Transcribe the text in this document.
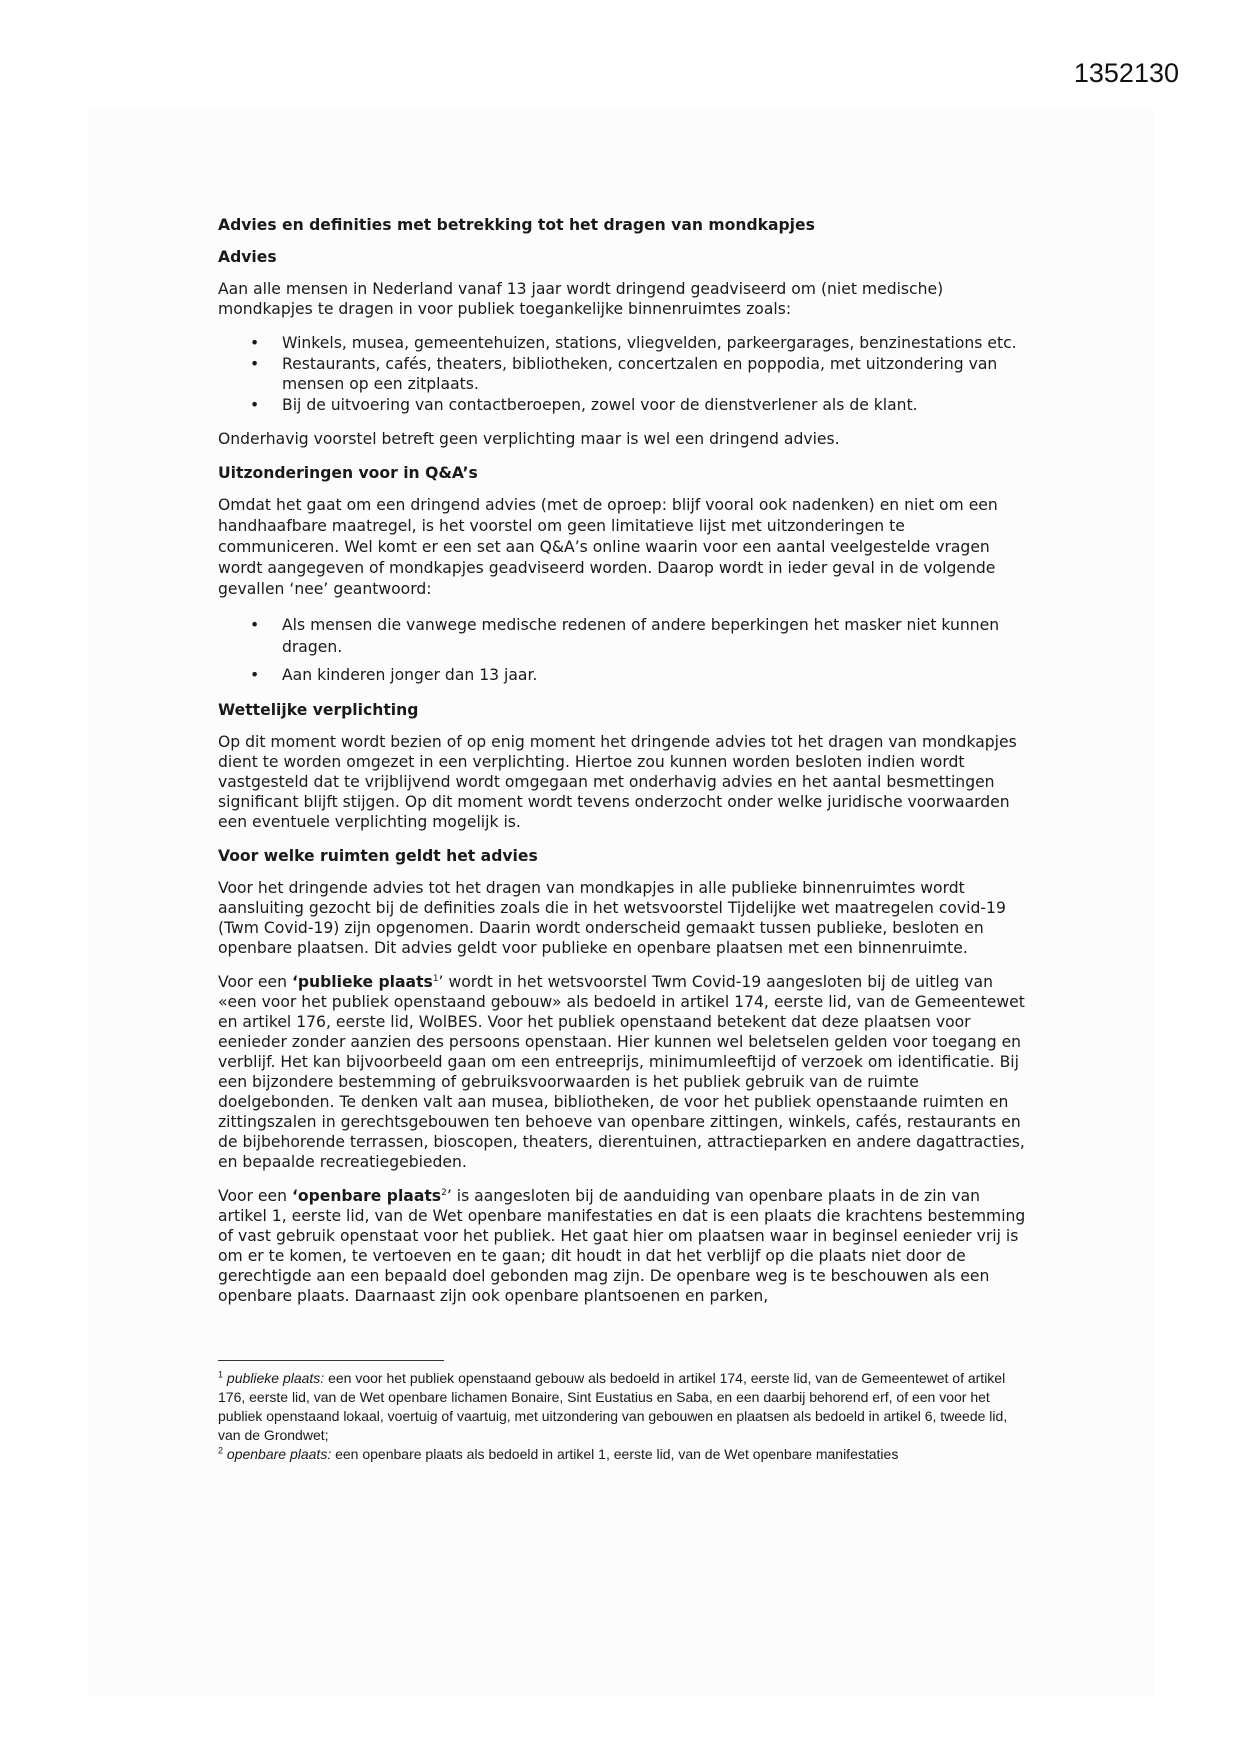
1352130
Advies en definities met betrekking tot het dragen van mondkapjes
Advies

Aan alle mensen in Nederland vanaf 13 jaar wordt dringend geadviseerd om (niet medische) mondkapjes te dragen in voor publiek toegankelijke binnenruimtes zoals:

• Winkels, musea, gemeentehuizen, stations, vliegvelden, parkeergarages, benzinestations etc.
• Restaurants, cafés, theaters, bibliotheken, concertzalen en poppodia, met uitzondering van mensen op een zitplaats.
• Bij de uitvoering van contactberoepen, zowel voor de dienstverlener als de klant.

Onderhavig voorstel betreft geen verplichting maar is wel een dringend advies.

Uitzonderingen voor in Q&A’s

Omdat het gaat om een dringend advies (met de oproep: blijf vooral ook nadenken) en niet om een handhaafbare maatregel, is het voorstel om geen limitatieve lijst met uitzonderingen te communiceren. Wel komt er een set aan Q&A’s online waarin voor een aantal veelgestelde vragen wordt aangegeven of mondkapjes geadviseerd worden. Daarop wordt in ieder geval in de volgende gevallen ‘nee’ geantwoord:

• Als mensen die vanwege medische redenen of andere beperkingen het masker niet kunnen dragen.
• Aan kinderen jonger dan 13 jaar.
Wettelijke verplichting

Op dit moment wordt bezien of op enig moment het dringende advies tot het dragen van mondkapjes dient te worden omgezet in een verplichting. Hiertoe zou kunnen worden besloten indien wordt vastgesteld dat te vrijblijvend wordt omgegaan met onderhavig advies en het aantal besmettingen significant blijft stijgen. Op dit moment wordt tevens onderzocht onder welke juridische voorwaarden een eventuele verplichting mogelijk is.

Voor welke ruimten geldt het advies

Voor het dringende advies tot het dragen van mondkapjes in alle publieke binnenruimtes wordt aansluiting gezocht bij de definities zoals die in het wetsvoorstel Tijdelijke wet maatregelen covid-19 (Twm Covid-19) zijn opgenomen. Daarin wordt onderscheid gemaakt tussen publieke, besloten en openbare plaatsen. Dit advies geldt voor publieke en openbare plaatsen met een binnenruimte.

Voor een ‘publieke plaats$^1$’ wordt in het wetsvoorstel Twm Covid-19 aangesloten bij de uitleg van «een voor het publiek openstaand gebouw» als bedoeld in artikel 174, eerste lid, van de Gemeentewet en artikel 176, eerste lid, WolBES. Voor het publiek openstaand betekent dat deze plaatsen voor eenieder zonder aanzien des persoons openstaan. Hier kunnen wel beletselen gelden voor toegang en verblijf. Het kan bijvoorbeeld gaan om een entreeprijs, minimumleeftijd of verzoek om identificatie. Bij een bijzondere bestemming of gebruiksvoorwaarden is het publiek gebruik van de ruimte doelgebonden. Te denken valt aan musea, bibliotheken, de voor het publiek openstaande ruimten en zittingszalen in gerechtsgebouwen ten behoeve van openbare zittingen, winkels, cafés, restaurants en de bijbehorende terrassen, bioscopen, theaters, dierentuinen, attractieparken en andere dagattracties, en bepaalde recreatiegebieden.

Voor een ‘openbare plaats$^2$’ is aangesloten bij de aanduiding van openbare plaats in de zin van artikel 1, eerste lid, van de Wet openbare manifestaties en dat is een plaats die krachtens bestemming of vast gebruik openstaat voor het publiek. Het gaat hier om plaatsen waar in beginsel eenieder vrij is om er te komen, te vertoeven en te gaan; dit houdt in dat het verblijf op die plaats niet door de gerechtigde aan een bepaald doel gebonden mag zijn. De openbare weg is te beschouwen als een openbare plaats. Daarnaast zijn ook openbare plantsoenen en parken,

$^1$ publieke plaats: een voor het publiek openstaand gebouw als bedoeld in artikel 174, eerste lid, van de Gemeentewet of artikel 176, eerste lid, van de Wet openbare lichamen Bonaire, Sint Eustatius en Saba, en een daarbij behorend erf, of een voor het publiek openstaand lokaal, voertuig of vaartuig, met uitzondering van gebouwen en plaatsen als bedoeld in artikel 6, tweede lid, van de Grondwet;

$^2$ openbare plaats: een openbare plaats als bedoeld in artikel 1, eerste lid, van de Wet openbare manifestaties
